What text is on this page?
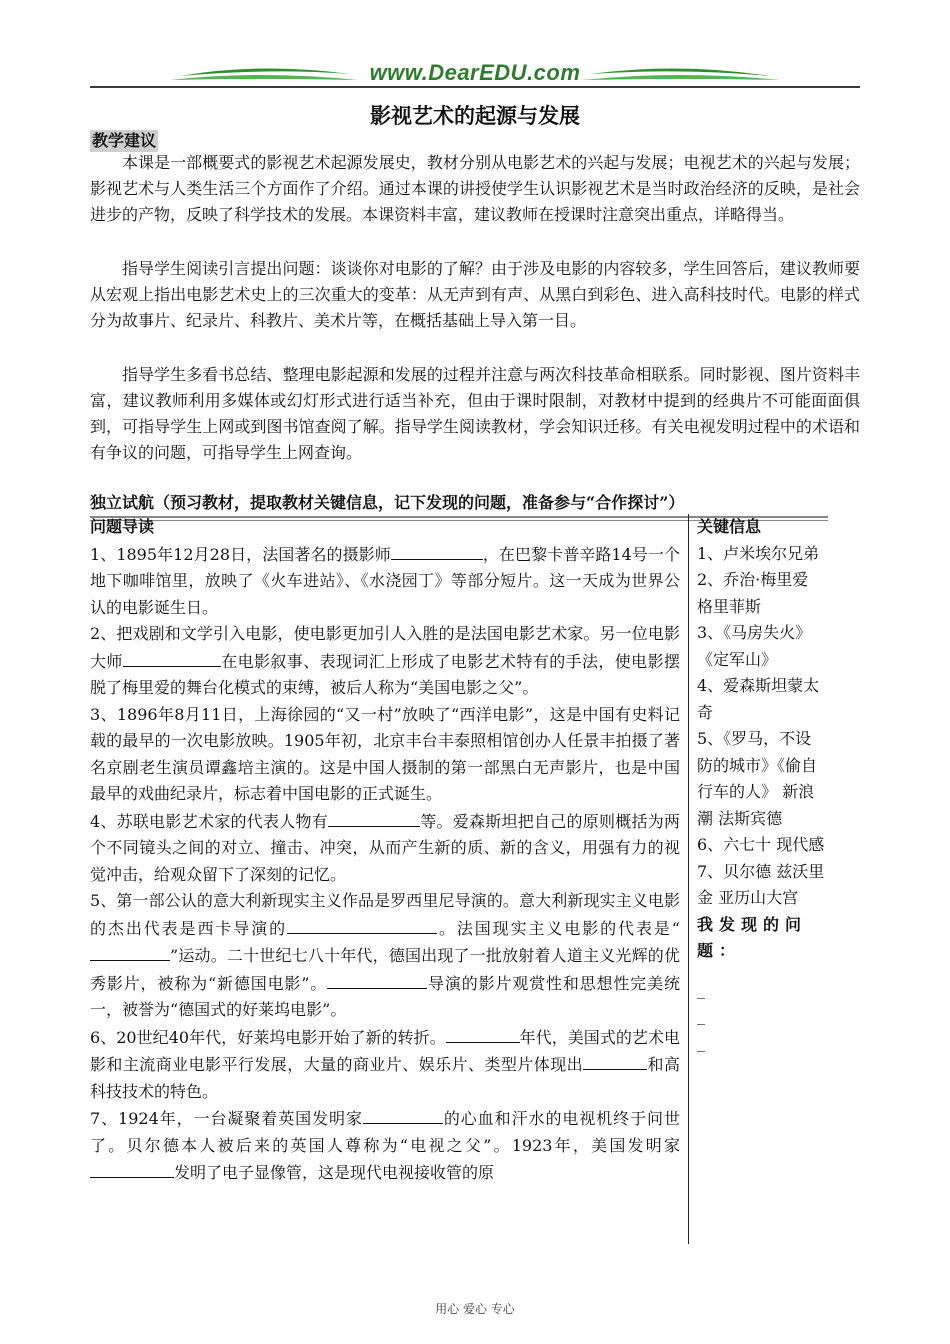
www.DearEDU.com
影视艺术的起源与发展
教学建议

本课是一部概要式的影视艺术起源发展史，教材分别从电影艺术的兴起与发展；电视艺术的兴起与发展；影视艺术与人类生活三个方面作了介绍。通过本课的讲授使学生认识影视艺术是当时政治经济的反映，是社会进步的产物，反映了科学技术的发展。本课资料丰富，建议教师在授课时注意突出重点，详略得当。

指导学生阅读引言提出问题：谈谈你对电影的了解？由于涉及电影的内容较多，学生回答后，建议教师要从宏观上指出电影艺术史上的三次重大的变革：从无声到有声、从黑白到彩色、进入高科技时代。电影的样式分为故事片、纪录片、科教片、美术片等，在概括基础上导入第一目。

指导学生多看书总结、整理电影起源和发展的过程并注意与两次科技革命相联系。同时影视、图片资料丰富，建议教师利用多媒体或幻灯形式进行适当补充，但由于课时限制，对教材中提到的经典片不可能面面俱到，可指导学生上网或到图书馆查阅了解。指导学生阅读教材，学会知识迁移。有关电视发明过程中的术语和有争议的问题，可指导学生上网查询。

独立试航（预习教材，提取教材关键信息，记下发现的问题，准备参与“合作探讨”）
问题导读

1、1895年12月28日，法国著名的摄影师	，在巴黎卡普辛路14号一个地下咖啡馆里，放映了《火车进站》、《水浇园丁》等部分短片。这一天成为世界公认的电影诞生日。

2、把戏剧和文学引入电影，使电影更加引人入胜的是法国电影艺术家。另一位电影大师	在电影叙事、表现词汇上形成了电影艺术特有的手法，使电影摆脱了梅里爱的舞台化模式的束缚，被后人称为“美国电影之父”。

3、1896年8月11日，上海徐园的“又一村”放映了“西洋电影”，这是中国有史料记载的最早的一次电影放映。1905年初，北京丰台丰泰照相馆创办人任景丰拍摄了著名京剧老生演员谭鑫培主演的。这是中国人摄制的第一部黑白无声影片，也是中国最早的戏曲纪录片，标志着中国电影的正式诞生。

4、苏联电影艺术家的代表人物有	等。爱森斯坦把自己的原则概括为两个不同镜头之间的对立、撞击、冲突，从而产生新的质、新的含义，用强有力的视觉冲击，给观众留下了深刻的记忆。

5、第一部公认的意大利新现实主义作品是罗西里尼导演的。意大利新现实主义电影的杰出代表是西卡导演的	。法国现实主义电影的代表是“”运动。二十世纪七八十年代，德国出现了一批放射着人道主义光辉的优秀影片，被称为“新德国电影”。	导演的影片观赏性和思想性完美统一，被誉为“德国式的好莱坞电影”。

6、20世纪40年代，好莱坞电影开始了新的转折。	年代，美国式的艺术电影和主流商业电影平行发展，大量的商业片、娱乐片、类型片体现出	和高科技技术的特色。

7、1924年，一台凝聚着英国发明家	的心血和汗水的电视机终于问世了。贝尔德本人被后来的英国人尊称为“电视之父”。1923年，美国发明家发明了电子显像管，这是现代电视接收管的原

关键信息

1、卢米埃尔兄弟

2、乔治·梅里爱 格里菲斯

3、《马房失火》《定军山》

4、爱森斯坦蒙太奇

5、《罗马，不设防的城市》《偷自行车的人》 新浪潮 法斯宾德

6、六七十 现代感

7、贝尔德 兹沃里金 亚历山大宫

我发现的问题：

_

_

_

用心 爱心 专心
